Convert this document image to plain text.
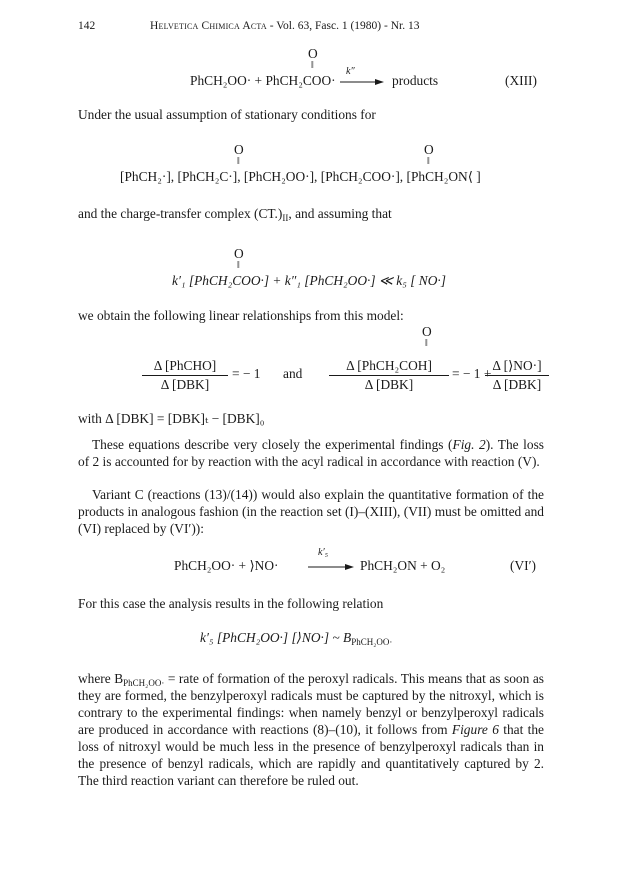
142	Helvetica Chimica Acta - Vol. 63, Fasc. 1 (1980) - Nr. 13
O
‖
PhCH₂OO· + PhCH₂COO·
k″
products	(XIII)
Under the usual assumption of stationary conditions for
O
‖
O
‖
[PhCH₂·], [PhCH₂C·], [PhCH₂OO·], [PhCH₂COO·], [PhCH₂ON⟨ ]
and the charge-transfer complex $(CT.)_{II}$, and assuming that
O
‖
k′₁ [PhCH₂COO·] + k″₁ [PhCH₂OO·] ≪ k₅ [ NO·]
we obtain the following linear relationships from this model:
Δ [PhCHO]
Δ [DBK]
= − 1 and
O
‖
Δ [PhCH₂COH]
Δ [DBK]
= − 1 +
Δ [⟩NO·]
Δ [DBK]
with Δ [DBK] = [DBK]ₜ − [DBK]₀
These equations describe very closely the experimental findings (Fig. 2). The loss of 2 is accounted for by reaction with the acyl radical in accordance with reaction (V).
Variant C (reactions (13)/(14)) would also explain the quantitative formation of the products in analogous fashion (in the reaction set (I)–(XIII), (VII) must be omitted and (VI) replaced by (VI′)):
PhCH₂OO· + ⟩NO·
k′₅
PhCH₂ON + O₂	(VI′)
For this case the analysis results in the following relation
k′₅ [PhCH₂OO·] [⟩NO·] ~ $B_{PhCH_2OO\cdot}$
where $B_{PhCH_2OO\cdot}$ = rate of formation of the peroxyl radicals. This means that as soon as they are formed, the benzylperoxyl radicals must be captured by the nitroxyl, which is contrary to the experimental findings: when namely benzyl or benzylperoxyl radicals are produced in accordance with reactions (8)–(10), it follows from Figure 6 that the loss of nitroxyl would be much less in the presence of benzylperoxyl radicals than in the presence of benzyl radicals, which are rapidly and quantitatively captured by 2. The third reaction variant can therefore be ruled out.
